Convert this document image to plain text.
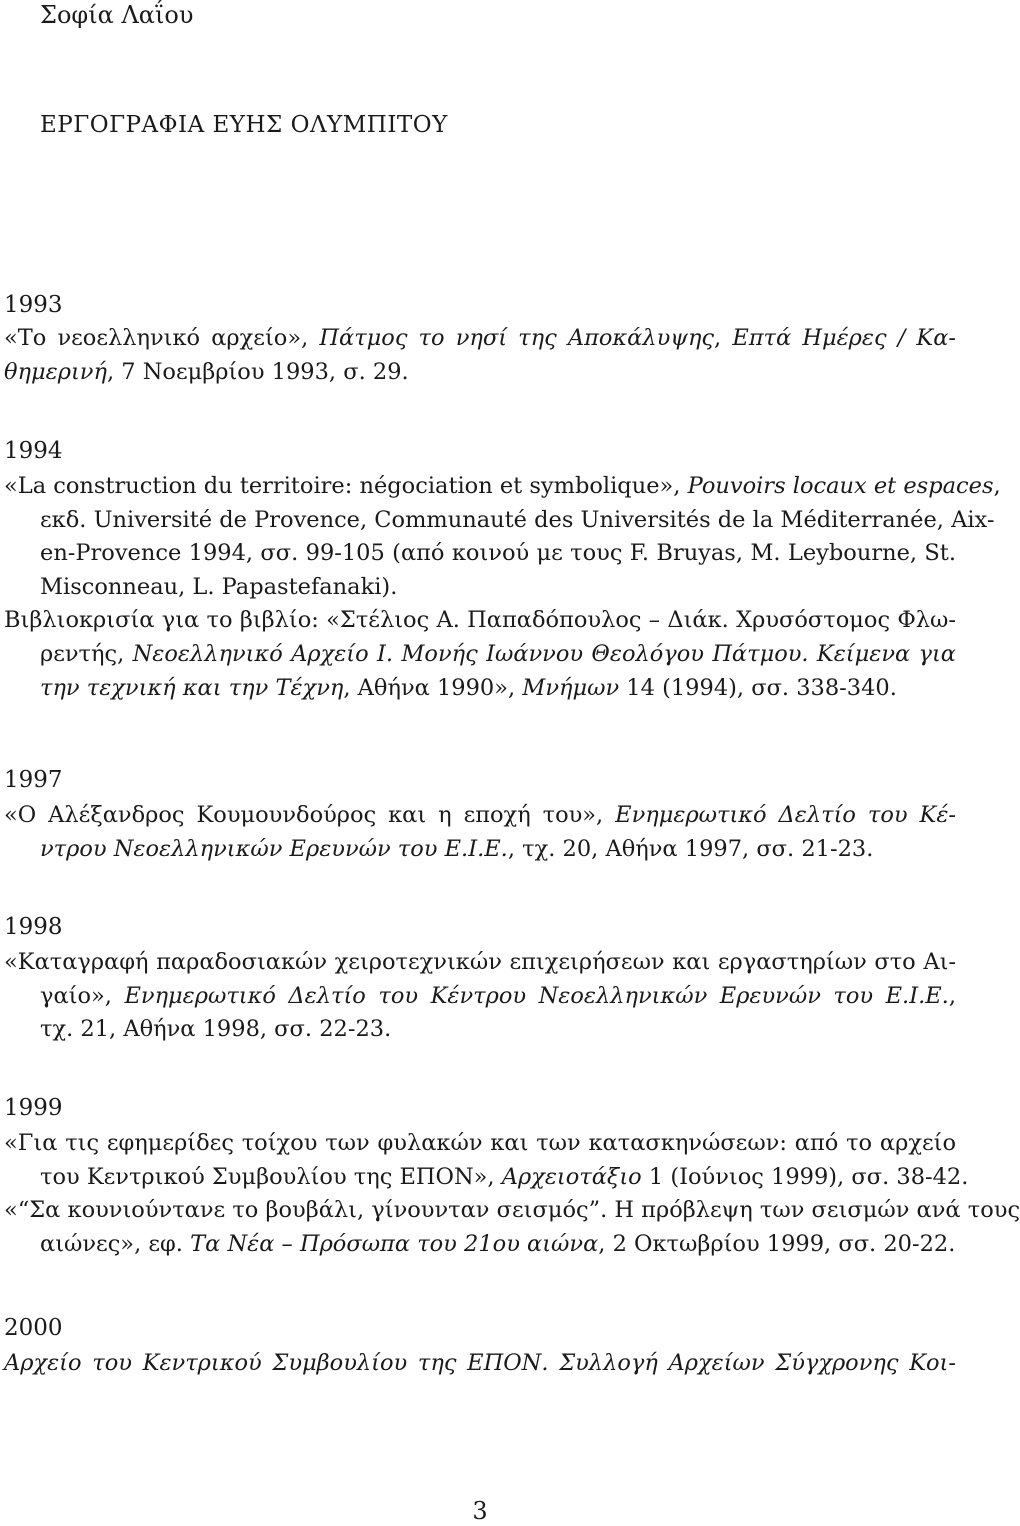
Σοφία Λαΐου
ΕΡΓΟΓΡΑΦΙΑ ΕΥΗΣ ΟΛΥΜΠΙΤΟΥ
1993
«Το νεοελληνικό αρχείο», Πάτμος το νησί της Αποκάλυψης, Επτά Ημέρες / Κα-
θημερινή, 7 Νοεμβρίου 1993, σ. 29.
1994
«La construction du territoire: négociation et symbolique», Pouvoirs locaux et espaces,
εκδ. Université de Provence, Communauté des Universités de la Méditerranée, Aix-
en-Provence 1994, σσ. 99-105 (από κοινού με τους F. Bruyas, M. Leybourne, St.
Misconneau, L. Papastefanaki).
Βιβλιοκρισία για το βιβλίο: «Στέλιος Α. Παπαδόπουλος – Διάκ. Χρυσόστομος Φλω-
ρεντής, Νεοελληνικό Αρχείο Ι. Μονής Ιωάννου Θεολόγου Πάτμου. Κείμενα για
την τεχνική και την Τέχνη, Αθήνα 1990», Μνήμων 14 (1994), σσ. 338-340.
1997
«Ο Αλέξανδρος Κουμουνδούρος και η εποχή του», Ενημερωτικό Δελτίο του Κέ-
ντρου Νεοελληνικών Ερευνών του Ε.Ι.Ε., τχ. 20, Αθήνα 1997, σσ. 21-23.
1998
«Καταγραφή παραδοσιακών χειροτεχνικών επιχειρήσεων και εργαστηρίων στο Αι-
γαίο», Ενημερωτικό Δελτίο του Κέντρου Νεοελληνικών Ερευνών του Ε.Ι.Ε.,
τχ. 21, Αθήνα 1998, σσ. 22-23.
1999
«Για τις εφημερίδες τοίχου των φυλακών και των κατασκηνώσεων: από το αρχείο
του Κεντρικού Συμβουλίου της ΕΠΟΝ», Αρχειοτάξιο 1 (Ιούνιος 1999), σσ. 38-42.
«“Σα κουνιούντανε το βουβάλι, γίνουνταν σεισμός”. Η πρόβλεψη των σεισμών ανά τους
αιώνες», εφ. Τα Νέα – Πρόσωπα του 21ου αιώνα, 2 Οκτωβρίου 1999, σσ. 20-22.
2000
Αρχείο του Κεντρικού Συμβουλίου της ΕΠΟΝ. Συλλογή Αρχείων Σύγχρονης Κοι-
3
